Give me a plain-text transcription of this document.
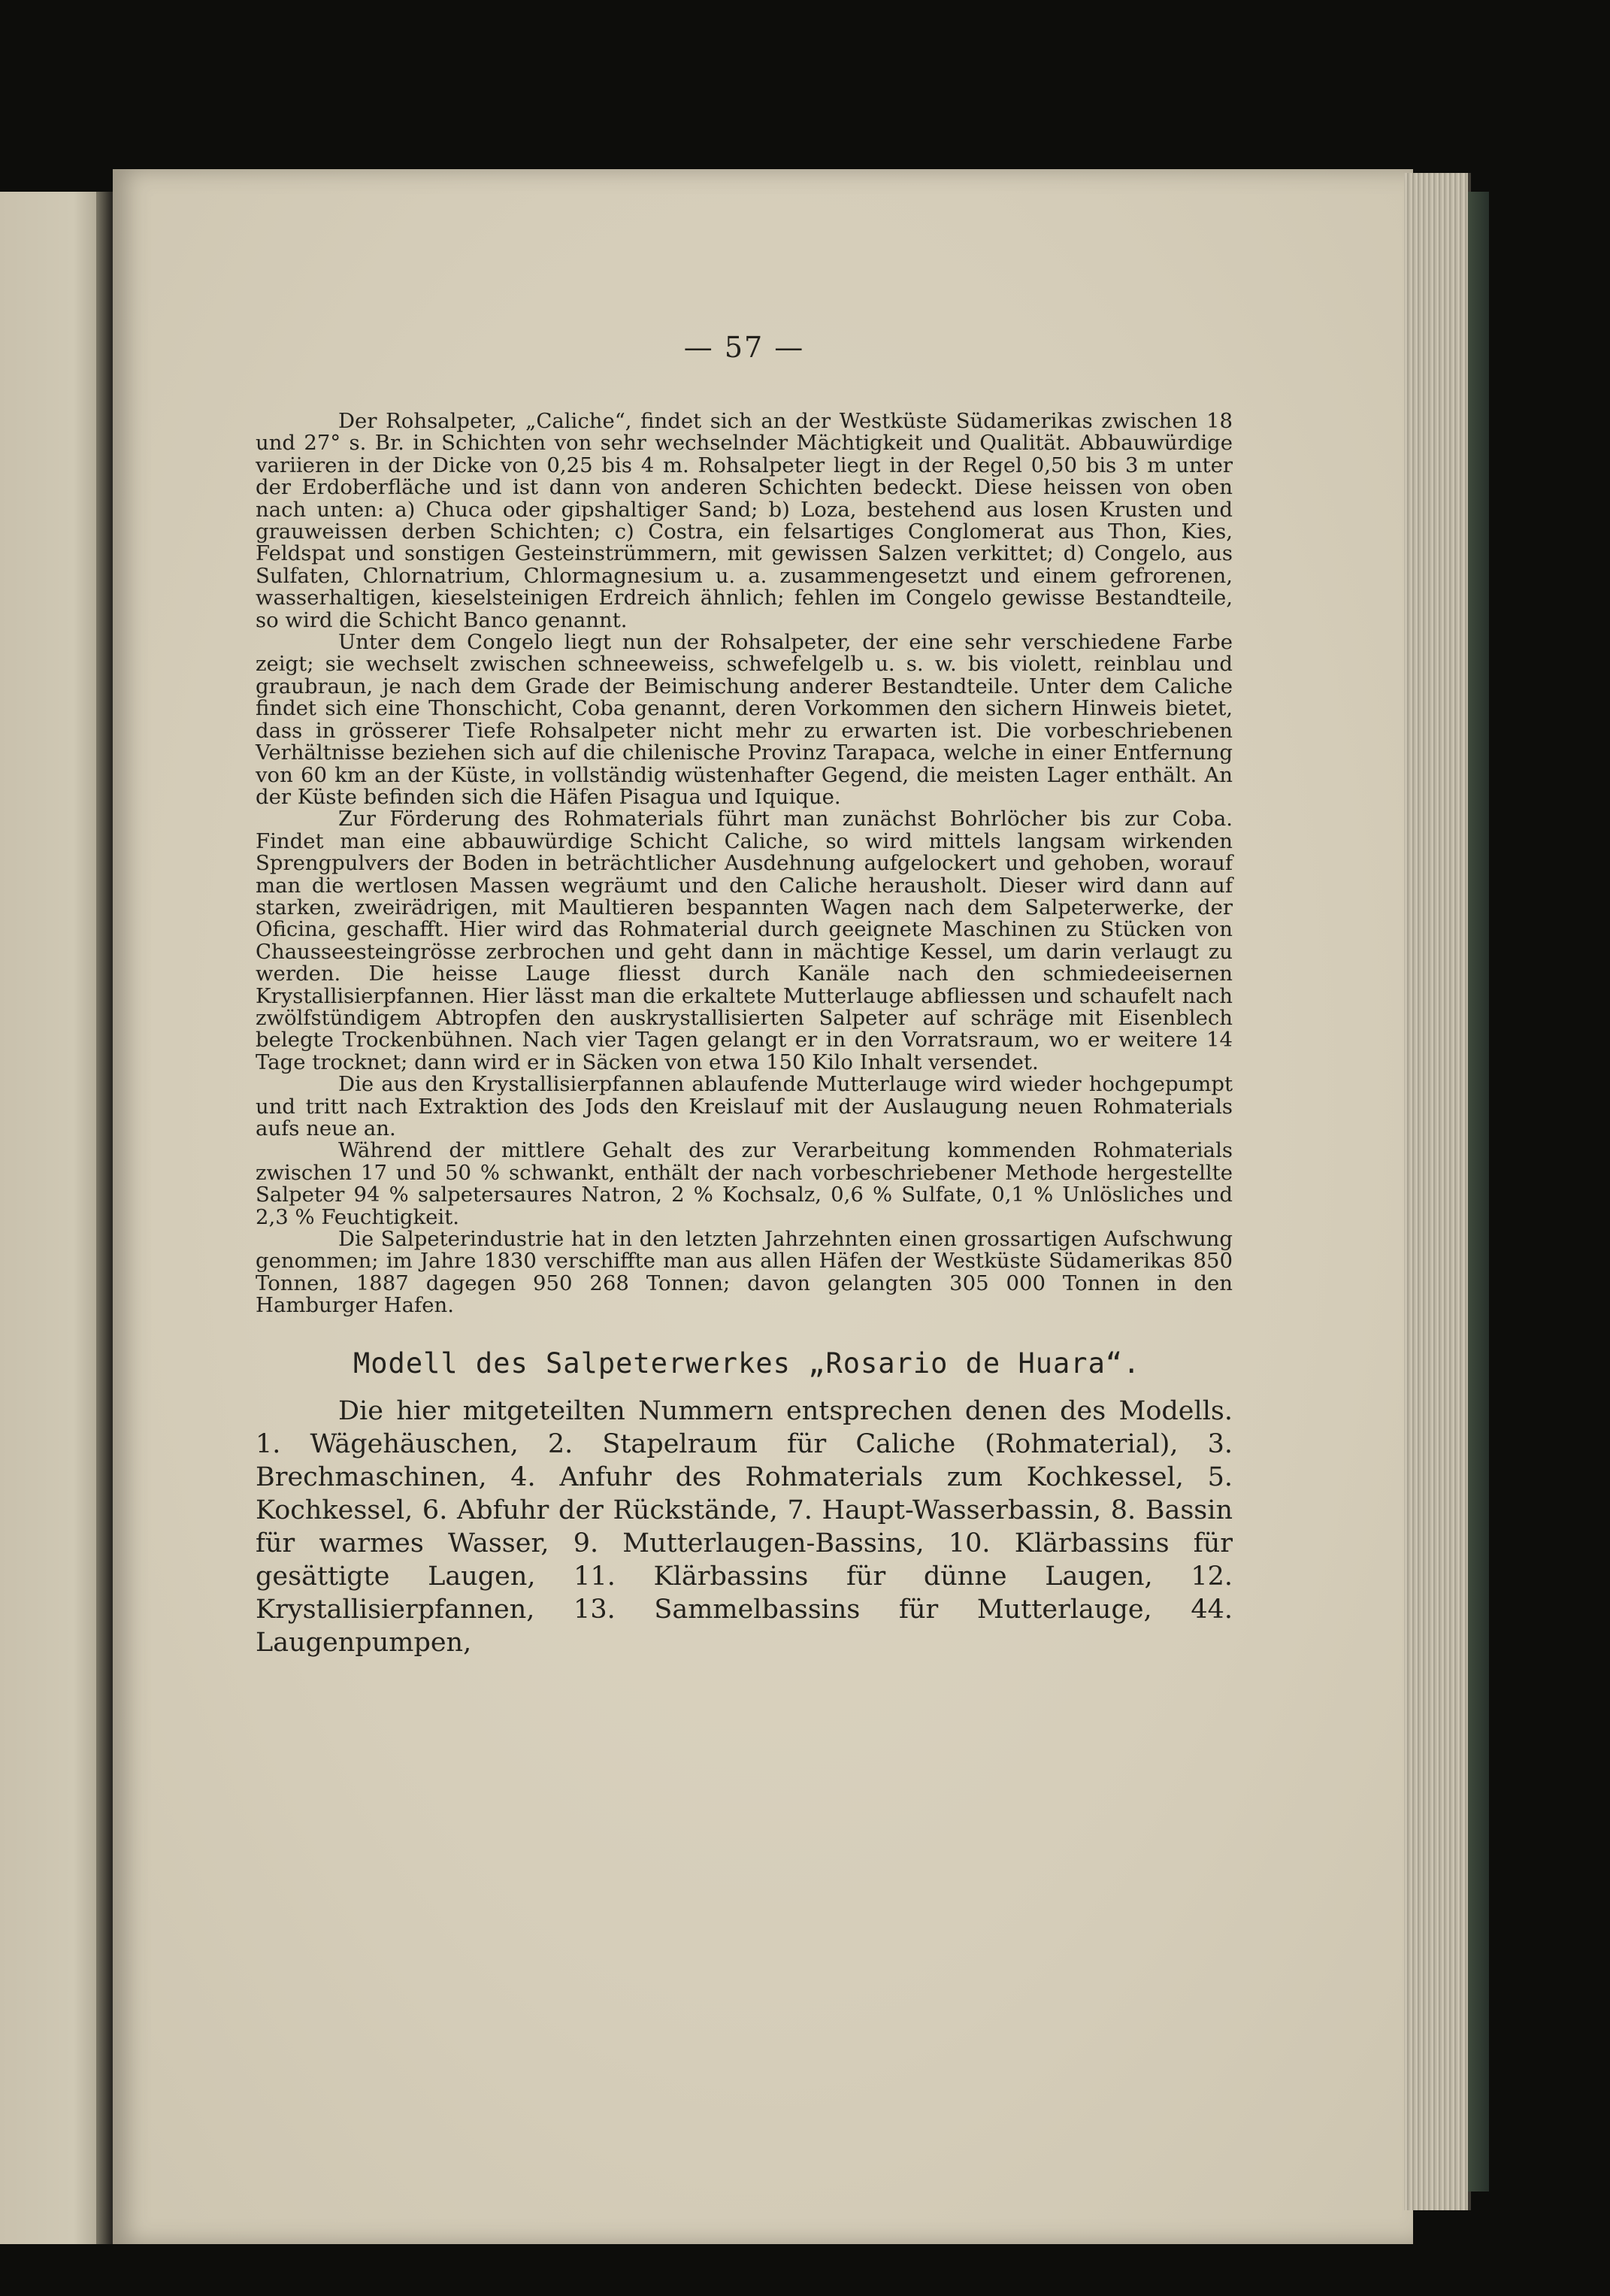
— 57 —

Der Rohsalpeter, „Caliche“, findet sich an der Westküste Südamerikas zwischen 18 und 27° s. Br. in Schichten von sehr wechselnder Mächtigkeit und Qualität. Abbauwürdige variieren in der Dicke von 0,25 bis 4 m. Rohsalpeter liegt in der Regel 0,50 bis 3 m unter der Erdoberfläche und ist dann von anderen Schichten bedeckt. Diese heissen von oben nach unten: a) Chuca oder gipshaltiger Sand; b) Loza, bestehend aus losen Krusten und grauweissen derben Schichten; c) Costra, ein felsartiges Conglomerat aus Thon, Kies, Feldspat und sonstigen Gesteinstrümmern, mit gewissen Salzen verkittet; d) Congelo, aus Sulfaten, Chlornatrium, Chlormagnesium u. a. zusammengesetzt und einem gefrorenen, wasserhaltigen, kieselsteinigen Erdreich ähnlich; fehlen im Congelo gewisse Bestandteile, so wird die Schicht Banco genannt.

Unter dem Congelo liegt nun der Rohsalpeter, der eine sehr verschiedene Farbe zeigt; sie wechselt zwischen schneeweiss, schwefelgelb u. s. w. bis violett, reinblau und graubraun, je nach dem Grade der Beimischung anderer Bestandteile. Unter dem Caliche findet sich eine Thonschicht, Coba genannt, deren Vorkommen den sichern Hinweis bietet, dass in grösserer Tiefe Rohsalpeter nicht mehr zu erwarten ist. Die vorbeschriebenen Verhältnisse beziehen sich auf die chilenische Provinz Tarapaca, welche in einer Entfernung von 60 km an der Küste, in vollständig wüstenhafter Gegend, die meisten Lager enthält. An der Küste befinden sich die Häfen Pisagua und Iquique.

Zur Förderung des Rohmaterials führt man zunächst Bohrlöcher bis zur Coba. Findet man eine abbauwürdige Schicht Caliche, so wird mittels langsam wirkenden Sprengpulvers der Boden in beträchtlicher Ausdehnung aufgelockert und gehoben, worauf man die wertlosen Massen wegräumt und den Caliche herausholt. Dieser wird dann auf starken, zweirädrigen, mit Maultieren bespannten Wagen nach dem Salpeterwerke, der Oficina, geschafft. Hier wird das Rohmaterial durch geeignete Maschinen zu Stücken von Chausseesteingrösse zerbrochen und geht dann in mächtige Kessel, um darin verlaugt zu werden. Die heisse Lauge fliesst durch Kanäle nach den schmiedeeisernen Krystallisierpfannen. Hier lässt man die erkaltete Mutterlauge abfliessen und schaufelt nach zwölfstündigem Abtropfen den auskrystallisierten Salpeter auf schräge mit Eisenblech belegte Trockenbühnen. Nach vier Tagen gelangt er in den Vorratsraum, wo er weitere 14 Tage trocknet; dann wird er in Säcken von etwa 150 Kilo Inhalt versendet.

Die aus den Krystallisierpfannen ablaufende Mutterlauge wird wieder hochgepumpt und tritt nach Extraktion des Jods den Kreislauf mit der Auslaugung neuen Rohmaterials aufs neue an.

Während der mittlere Gehalt des zur Verarbeitung kommenden Rohmaterials zwischen 17 und 50 % schwankt, enthält der nach vorbeschriebener Methode hergestellte Salpeter 94 % salpetersaures Natron, 2 % Kochsalz, 0,6 % Sulfate, 0,1 % Unlösliches und 2,3 % Feuchtigkeit.

Die Salpeterindustrie hat in den letzten Jahrzehnten einen grossartigen Aufschwung genommen; im Jahre 1830 verschiffte man aus allen Häfen der Westküste Südamerikas 850 Tonnen, 1887 dagegen 950 268 Tonnen; davon gelangten 305 000 Tonnen in den Hamburger Hafen.

Modell des Salpeterwerkes „Rosario de Huara“.

Die hier mitgeteilten Nummern entsprechen denen des Modells. 1. Wägehäuschen, 2. Stapelraum für Caliche (Rohmaterial), 3. Brechmaschinen, 4. Anfuhr des Rohmaterials zum Kochkessel, 5. Kochkessel, 6. Abfuhr der Rückstände, 7. Haupt-Wasserbassin, 8. Bassin für warmes Wasser, 9. Mutterlaugen-Bassins, 10. Klärbassins für gesättigte Laugen, 11. Klärbassins für dünne Laugen, 12. Krystallisierpfannen, 13. Sammelbassins für Mutterlauge, 44. Laugenpumpen,
